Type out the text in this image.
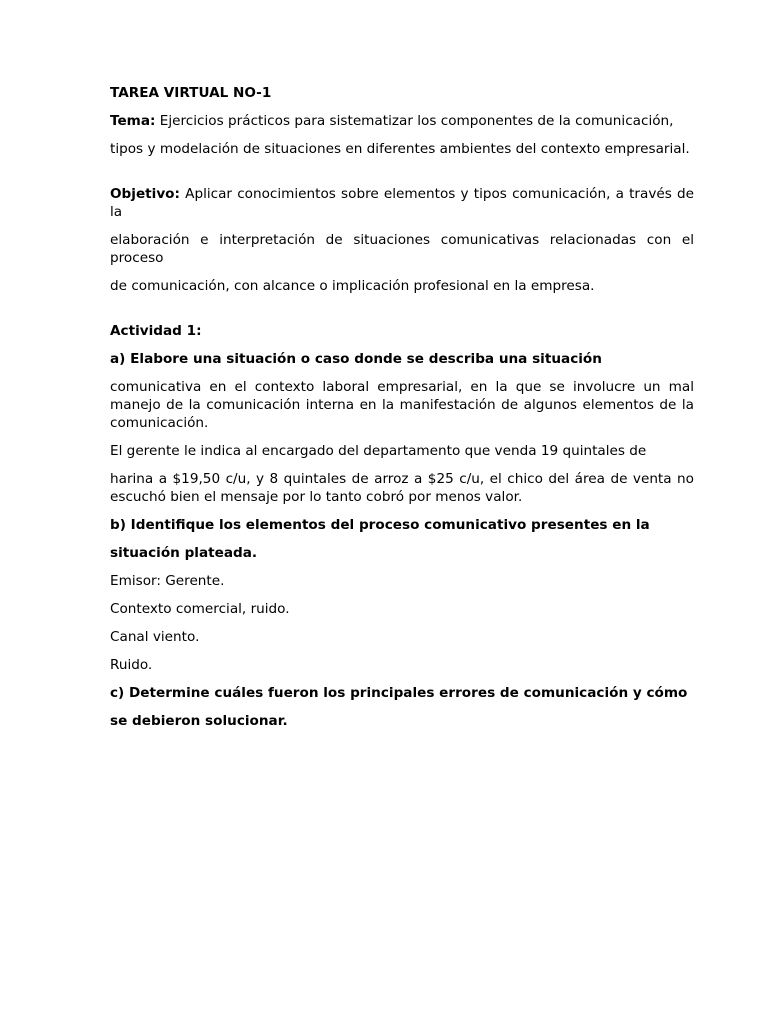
TAREA VIRTUAL NO-1

Tema: Ejercicios prácticos para sistematizar los componentes de la comunicación,

tipos y modelación de situaciones en diferentes ambientes del contexto empresarial.

Objetivo: Aplicar conocimientos sobre elementos y tipos comunicación, a través de la

elaboración e interpretación de situaciones comunicativas relacionadas con el proceso

de comunicación, con alcance o implicación profesional en la empresa.

Actividad 1:

a) Elabore una situación o caso donde se describa una situación

comunicativa en el contexto laboral empresarial, en la que se involucre un mal manejo de la comunicación interna en la manifestación de algunos elementos de la comunicación.

El gerente le indica al encargado del departamento que venda 19 quintales de

harina a $19,50 c/u, y 8 quintales de arroz a $25 c/u, el chico del área de venta no escuchó bien el mensaje por lo tanto cobró por menos valor.

b) Identifique los elementos del proceso comunicativo presentes en la

situación plateada.

Emisor: Gerente.

Contexto comercial, ruido.

Canal viento.

Ruido.

c) Determine cuáles fueron los principales errores de comunicación y cómo

se debieron solucionar.
